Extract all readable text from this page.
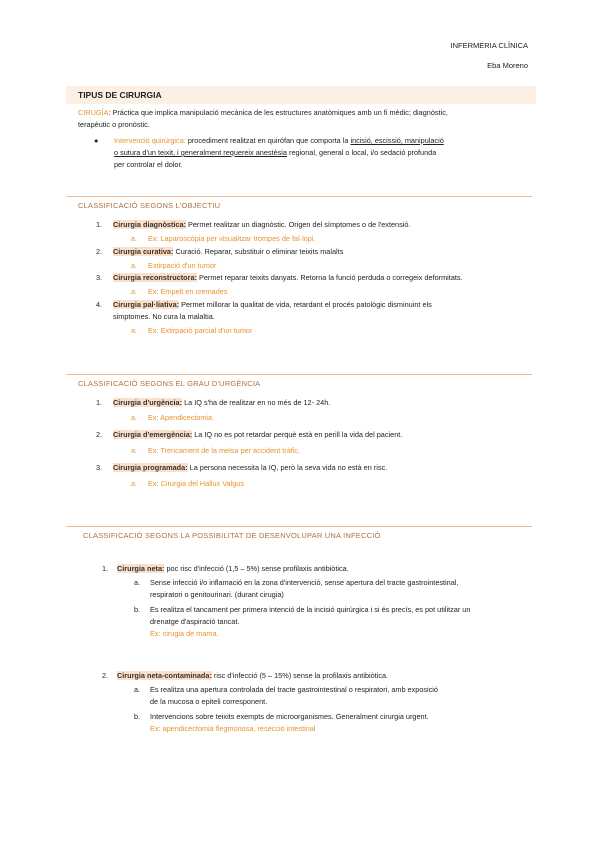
INFERMERIA CLÍNICA
Eba Moreno
TIPUS DE CIRURGIA
CIRUGÍA: Práctica que implica manipulació mecànica de les estructures anatòmiques amb un fi mèdic; diagnòstic,
terapèutic o pronòstic.
● Intervenció quirúrgica: procediment realitzat en quirófan que comporta la incisió, escissió, manipulació
o sutura d'un teixit, i generalment requereix anestèsia regional, general o local, i/o sedació profunda
per controlar el dolor.
CLASSIFICACIÓ SEGONS L'OBJECTIU
1. Cirurgia diagnòstica: Permet realitzar un diagnòstic. Origen del símptomes o de l'extensió.
a. Ex: Laparoscòpia per visualitzar trompes de fal·lopi.
2. Cirurgia curativa: Curació. Reparar, substituir o eliminar teixits malalts
a. Extirpació d'un tumor
3. Cirurgia reconstructora: Permet reparar teixits danyats. Retorna la funció perduda o corregeix deformitats.
a. Ex: Empelt en cremades
4. Cirurgia pal·liativa: Permet millorar la qualitat de vida, retardant el procés patològic disminuint els
simptomes. No cura la malaltia.
a. Ex: Extirpació parcial d'un tumor
CLASSIFICACIÓ SEGONS EL GRAU D'URGÈNCIA
1. Cirurgia d'urgència: La IQ s'ha de realitzar en no més de 12- 24h.
a. Ex: Apendicectomia.
2. Cirurgia d'emergència: La IQ no es pot retardar perquè està en perill la vida del pacient.
a. Ex: Trencament de la melsa per accident tràfic.
3. Cirurgia programada: La persona necessita la IQ, però la seva vida no està en risc.
a. Ex: Cirurgia del Hallux Valgus
CLASSIFICACIÓ SEGONS LA POSSIBILITAT DE DESENVOLUPAR UNA INFECCIÓ
1. Cirurgia neta: poc risc d'infecció (1,5 – 5%) sense profilaxis antibiòtica.
a. Sense infecció i/o inflamació en la zona d'intervenció, sense apertura del tracte gastrointestinal,
respiratori o genitourinari. (durant cirugia)
b. Es realitza el tancament per primera intenció de la incisió quirúrgica i si és precís, es pot utilitzar un
drenatge d'aspiració tancat.
Ex: cirugia de mama.
2. Cirurgia neta-contaminada: risc d'infecció (5 – 15%) sense la profilaxis antibiòtica.
a. Es realitza una apertura controlada del tracte gastrointestinal o respiratori, amb exposició
de la mucosa o epiteli corresponent.
b. Intervencions sobre teixits exempts de microorganismes. Generalment cirurgia urgent.
Ex: apendicectomia flegmonosa, resecció intestinal
